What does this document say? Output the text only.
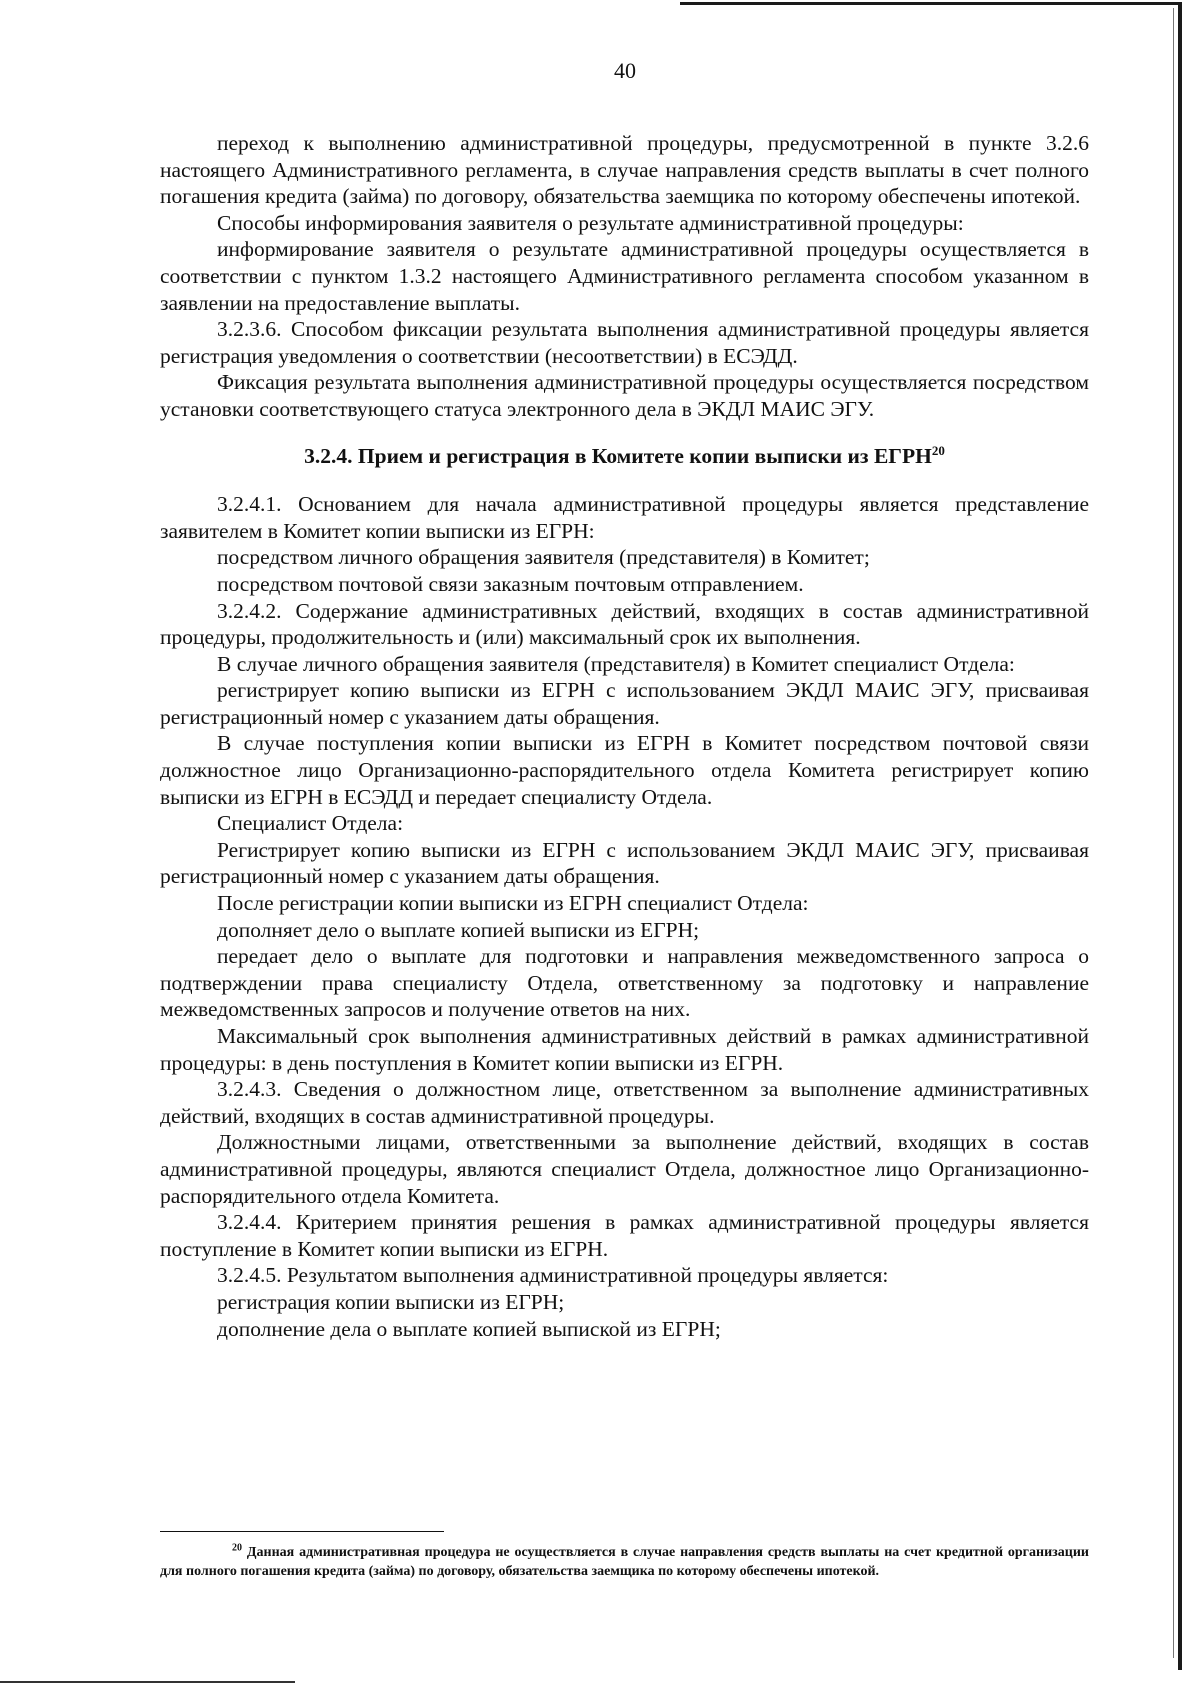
40

переход к выполнению административной процедуры, предусмотренной в пункте 3.2.6 настоящего Административного регламента, в случае направления средств выплаты в счет полного погашения кредита (займа) по договору, обязательства заемщика по которому обеспечены ипотекой.

Способы информирования заявителя о результате административной процедуры:

информирование заявителя о результате административной процедуры осуществляется в соответствии с пунктом 1.3.2 настоящего Административного регламента способом указанном в заявлении на предоставление выплаты.

3.2.3.6. Способом фиксации результата выполнения административной процедуры является регистрация уведомления о соответствии (несоответствии) в ЕСЭДД.

Фиксация результата выполнения административной процедуры осуществляется посредством установки соответствующего статуса электронного дела в ЭКДЛ МАИС ЭГУ.

3.2.4. Прием и регистрация в Комитете копии выписки из ЕГРН$^{20}$

3.2.4.1. Основанием для начала административной процедуры является представление заявителем в Комитет копии выписки из ЕГРН:

посредством личного обращения заявителя (представителя) в Комитет;

посредством почтовой связи заказным почтовым отправлением.

3.2.4.2. Содержание административных действий, входящих в состав административной процедуры, продолжительность и (или) максимальный срок их выполнения.

В случае личного обращения заявителя (представителя) в Комитет специалист Отдела:

регистрирует копию выписки из ЕГРН с использованием ЭКДЛ МАИС ЭГУ, присваивая регистрационный номер с указанием даты обращения.

В случае поступления копии выписки из ЕГРН в Комитет посредством почтовой связи должностное лицо Организационно-распорядительного отдела Комитета регистрирует копию выписки из ЕГРН в ЕСЭДД и передает специалисту Отдела.

Специалист Отдела:

Регистрирует копию выписки из ЕГРН с использованием ЭКДЛ МАИС ЭГУ, присваивая регистрационный номер с указанием даты обращения.

После регистрации копии выписки из ЕГРН специалист Отдела:

дополняет дело о выплате копией выписки из ЕГРН;

передает дело о выплате для подготовки и направления межведомственного запроса о подтверждении права специалисту Отдела, ответственному за подготовку и направление межведомственных запросов и получение ответов на них.

Максимальный срок выполнения административных действий в рамках административной процедуры: в день поступления в Комитет копии выписки из ЕГРН.

3.2.4.3. Сведения о должностном лице, ответственном за выполнение административных действий, входящих в состав административной процедуры.

Должностными лицами, ответственными за выполнение действий, входящих в состав административной процедуры, являются специалист Отдела, должностное лицо Организационно-распорядительного отдела Комитета.

3.2.4.4. Критерием принятия решения в рамках административной процедуры является поступление в Комитет копии выписки из ЕГРН.

3.2.4.5. Результатом выполнения административной процедуры является:

регистрация копии выписки из ЕГРН;

дополнение дела о выплате копией выпиской из ЕГРН;

$^{20}$ Данная административная процедура не осуществляется в случае направления средств выплаты на счет кредитной организации для полного погашения кредита (займа) по договору, обязательства заемщика по которому обеспечены ипотекой.
